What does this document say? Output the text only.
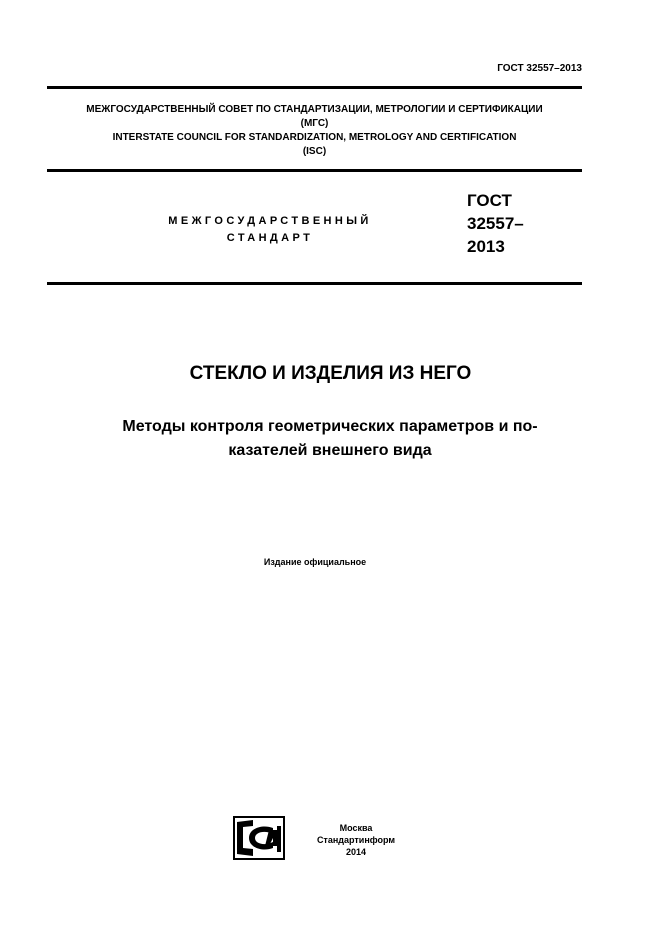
ГОСТ 32557–2013
МЕЖГОСУДАРСТВЕННЫЙ СОВЕТ ПО СТАНДАРТИЗАЦИИ, МЕТРОЛОГИИ И СЕРТИФИКАЦИИ
(МГС)
INTERSTATE COUNCIL FOR STANDARDIZATION, METROLOGY AND CERTIFICATION
(ISC)
МЕЖГОСУДАРСТВЕННЫЙ
СТАНДАРТ
ГОСТ
32557–
2013
СТЕКЛО И ИЗДЕЛИЯ ИЗ НЕГО
Методы контроля геометрических параметров и по-
казателей внешнего вида
Издание официальное
Москва
Стандартинформ
2014
